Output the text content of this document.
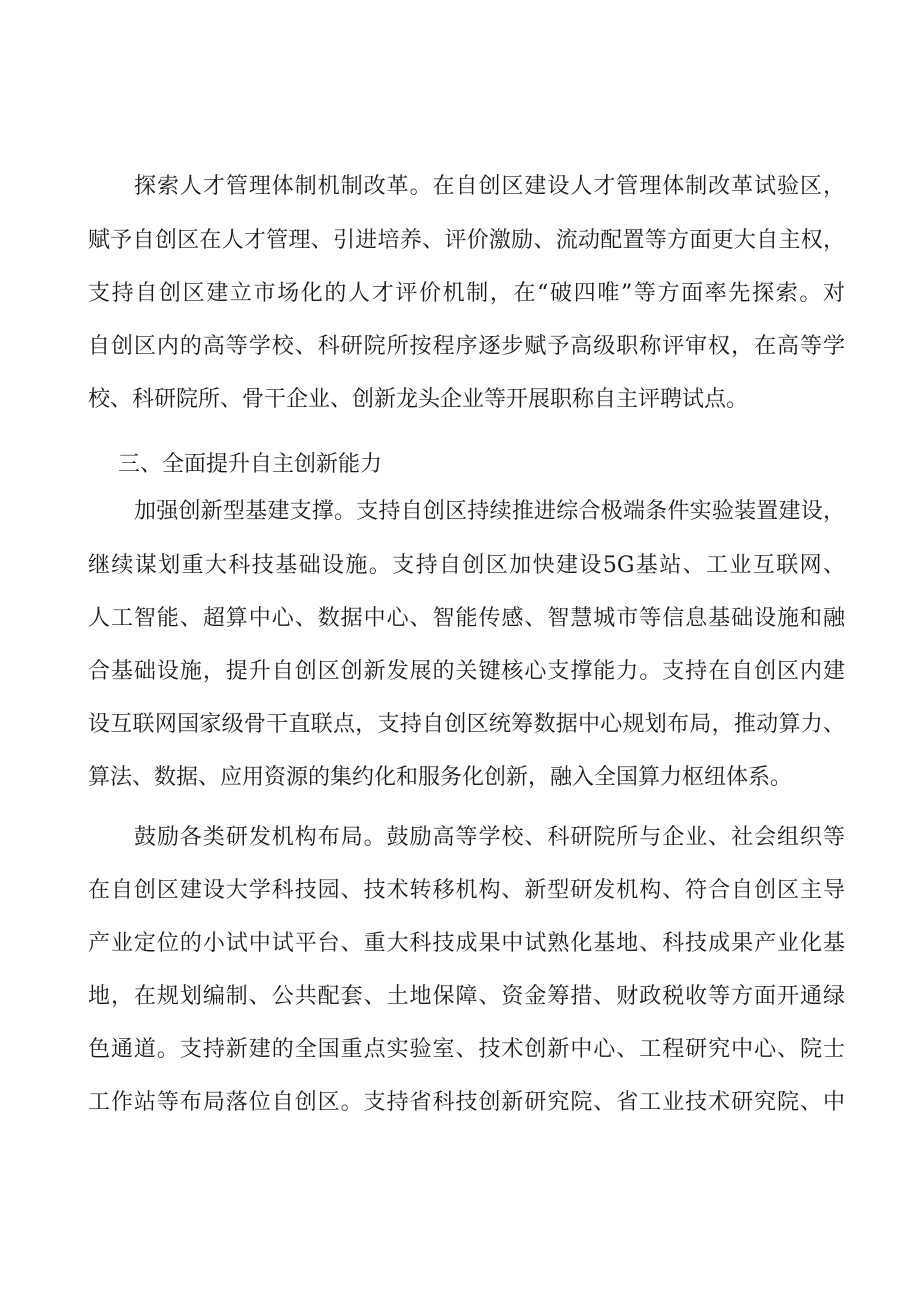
探索人才管理体制机制改革。在自创区建设人才管理体制改革试验区，

赋予自创区在人才管理、引进培养、评价激励、流动配置等方面更大自主权，

支持自创区建立市场化的人才评价机制，在“破四唯”等方面率先探索。对

自创区内的高等学校、科研院所按程序逐步赋予高级职称评审权，在高等学

校、科研院所、骨干企业、创新龙头企业等开展职称自主评聘试点。

三、全面提升自主创新能力

加强创新型基建支撑。支持自创区持续推进综合极端条件实验装置建设，

继续谋划重大科技基础设施。支持自创区加快建设5G基站、工业互联网、

人工智能、超算中心、数据中心、智能传感、智慧城市等信息基础设施和融

合基础设施，提升自创区创新发展的关键核心支撑能力。支持在自创区内建

设互联网国家级骨干直联点，支持自创区统筹数据中心规划布局，推动算力、

算法、数据、应用资源的集约化和服务化创新，融入全国算力枢纽体系。

鼓励各类研发机构布局。鼓励高等学校、科研院所与企业、社会组织等

在自创区建设大学科技园、技术转移机构、新型研发机构、符合自创区主导

产业定位的小试中试平台、重大科技成果中试熟化基地、科技成果产业化基

地，在规划编制、公共配套、土地保障、资金筹措、财政税收等方面开通绿

色通道。支持新建的全国重点实验室、技术创新中心、工程研究中心、院士

工作站等布局落位自创区。支持省科技创新研究院、省工业技术研究院、中
